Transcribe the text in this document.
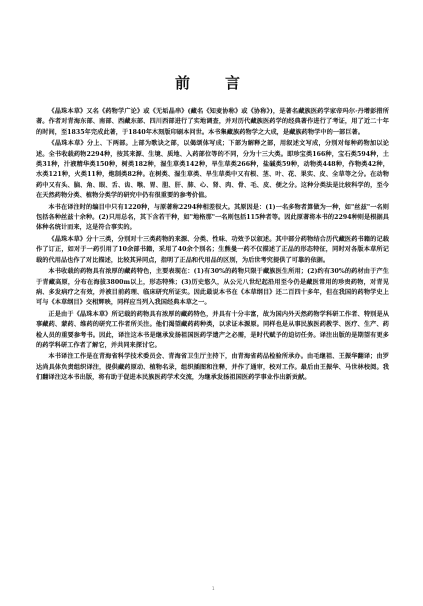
前　言

《晶珠本草》又名《药物学广论》或《无垢晶串》(藏名《知麦协称》或《协称》)，是著名藏族医药学家帝玛尔·丹增彭措所著。作者对青海东部、南部、西藏东部、四川西部进行了实地调查，并对历代藏族医药学的经典著作进行了考证，用了近二十年的时间，至1835年完成此著，于1840年木刻版印刷本问世。本书集藏族药物学之大成，是藏族药物学中的一部巨著。

《晶珠本草》分上、下两部。上部为歌诀之部，以偈颂体写成；下部为解释之部，用叙述文写成，分别对每种药物加以论述。全书收载药物2294种，按其来源、生境、质地、入药部位等的不同，分为十三大类。即珍宝类166种，宝石类594种，土类31种，汁液精华类150种，树类182种，湿生草类142种，旱生草类266种，盐碱类59种，动物类448种，作物类42种，水类121种，火类11种，炮制类82种。在树类、湿生草类、旱生草类中又有根、茎、叶、花、果实、皮、全草等之分。在动物药中又有头、脑、角、眼、舌、齿、喉、胃、胆、肝、肺、心、肾、肉、骨、毛、皮、便之分。这种分类法是比较科学的，至今在天然药物分类、植物分类学的研究中仍有很重要的参考价值。

本书在译注时的编目中只有1220种，与原著称2294种相差很大。其原因是：(1)一名多物者算做为一种，如"丝兹"一名则包括各种丝兹十余种。(2)只用总名，其下含若干种，如"地格那"一名则包括115种者等。因此原著将本书的2294种则是根据具体种名统计而来，这是符合事实的。

《晶珠本草》分十三类，分别对十三类药物的来源、分类、性味、功效予以叙述。其中部分药物结合历代藏医药书籍的记载作了订正，如对于一药引用了10余部书籍，采用了40余个别名；生熊曼一药不仅描述了正品的形态特征，同时对各版本草所记载的代用品也作了对比描述，比较其异同点，指明了正品和代用品的区别，为后世考究提供了可靠的依据。

本书收载的药物具有浓厚的藏药特色，主要表现在：(1)有30%的药物只限于藏族医生所用；(2)约有30%的药材由于产生于青藏高原，分布在海拔3800m以上，形态特殊；(3)历史悠久，从公元八世纪起沿用至今仍是藏医常用的珍贵药物，对青见病、多发病疗之有效，并被目前药理、临床研究所证实。因此最说本书在《本草纲目》还二百四十多年，但在我国的药物学史上可与《本草纲目》交相辉映，同样应当列入我国经典本草之一。

正是由于《晶珠本草》所记载的药物具有浓厚的藏药特色，并具有十分丰富，故为国内外天然药物学科研工作者、特别是从事藏药、蒙药、维药的研究工作者所关注。他们渴望藏药药种类，以求证本源原。同样也是从事民族医药教学、医疗、生产、药检人员的重要参考书。因此，译注这本书是继承发扬祖国医药学遗产之必需，是时代赋予的迫切任务。译注出版的是期望有更多的药学科研工作者了解它，并共同来探讨它。

本书译注工作是在青海省科学技术委员会、青海省卫生厅主持下，由青海省药品检验所承办。由毛继祖、王振华翻译；由罗达尚具体负责组织译注，提供藏药原动、植物名录，组织插图和注释，并作了通审，校对工作。最后由王振华、马世林校阅。我们翻译注这本书出版，将有助于促进本民族医药学术交流，为继承发扬祖国医药学事业作出新贡献。

1
